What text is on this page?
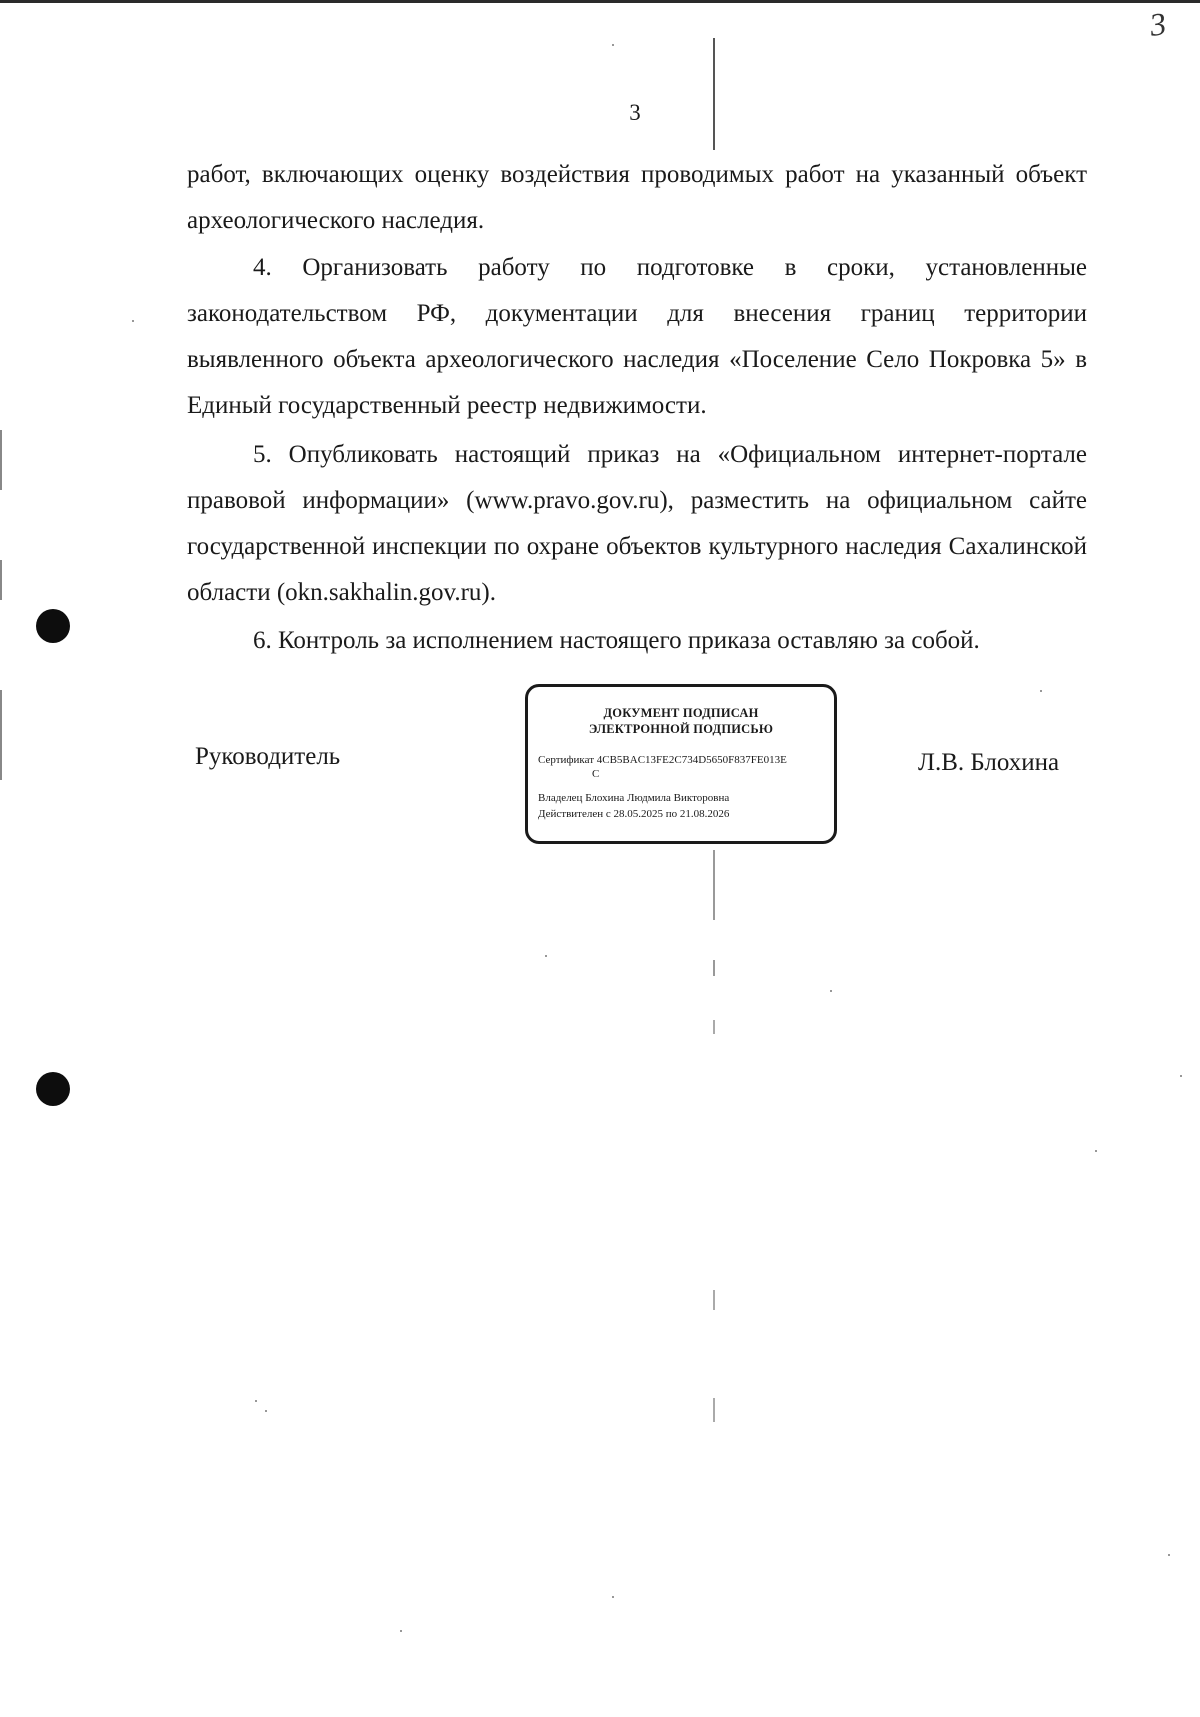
3
3

работ, включающих оценку воздействия проводимых работ на указанный объект археологического наследия.

4. Организовать работу по подготовке в сроки, установленные законодательством РФ, документации для внесения границ территории выявленного объекта археологического наследия «Поселение Село Покровка 5» в Единый государственный реестр недвижимости.

5. Опубликовать настоящий приказ на «Официальном интернет-портале правовой информации» (www.pravo.gov.ru), разместить на официальном сайте государственной инспекции по охране объектов культурного наследия Сахалинской области (okn.sakhalin.gov.ru).

6. Контроль за исполнением настоящего приказа оставляю за собой.

Руководитель
ДОКУМЕНТ ПОДПИСАН
ЭЛЕКТРОННОЙ ПОДПИСЬЮ
Сертификат 4CB5BAC13FE2C734D5650F837FE013E
C
Владелец Блохина Людмила Викторовна
Действителен с 28.05.2025 по 21.08.2026
Л.В. Блохина
